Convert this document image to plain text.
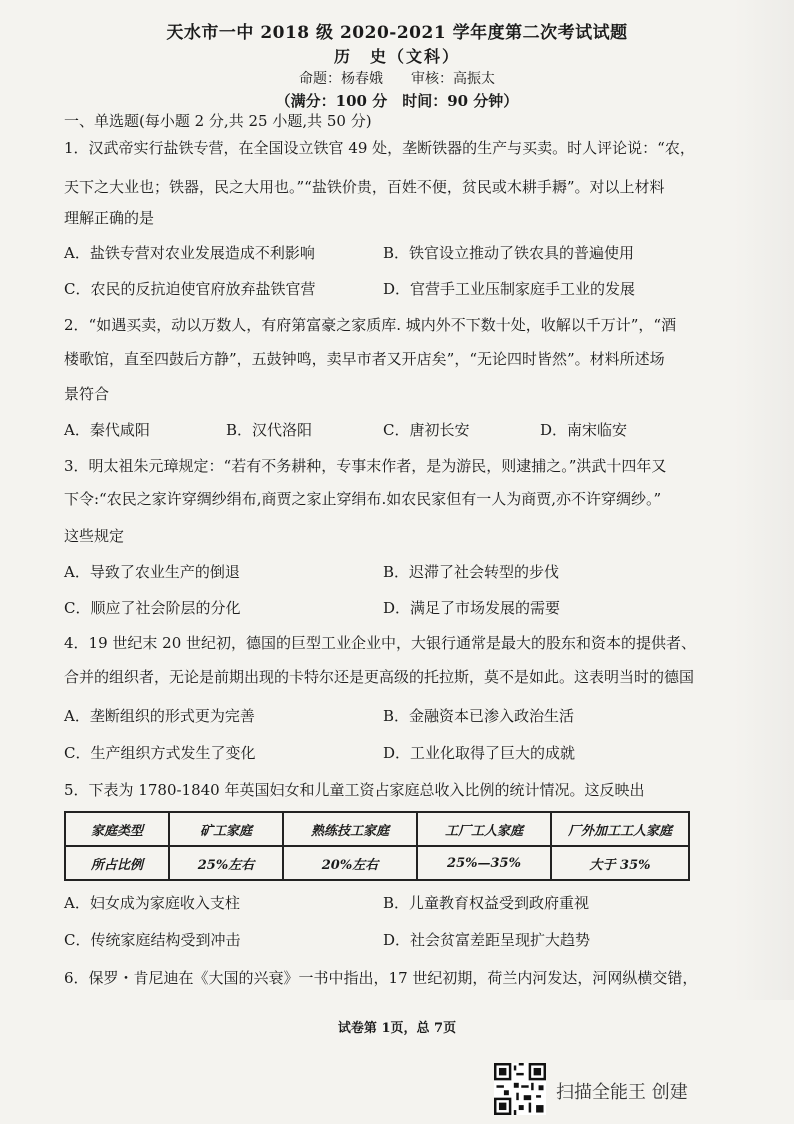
天水市一中 2018 级 2020-2021 学年度第二次考试试题
历　史（文科）
命题：杨春娥　　审核：高振太
（满分：100 分　时间：90 分钟）
一、单选题(每小题 2 分,共 25 小题,共 50 分)
1．汉武帝实行盐铁专营，在全国设立铁官 49 处，垄断铁器的生产与买卖。时人评论说：“农，
天下之大业也；铁器，民之大用也。”“盐铁价贵，百姓不便，贫民或木耕手耨”。对以上材料
理解正确的是
A．盐铁专营对农业发展造成不利影响	B．铁官设立推动了铁农具的普遍使用
C．农民的反抗迫使官府放弃盐铁官营	D．官营手工业压制家庭手工业的发展
2．“如遇买卖，动以万数人，有府第富豪之家质库. 城内外不下数十处，收解以千万计”，“酒
楼歌馆，直至四鼓后方静”，五鼓钟鸣，卖早市者又开店矣”，“无论四时皆然”。材料所述场
景符合
A．秦代咸阳	B．汉代洛阳	C．唐初长安	D．南宋临安
3．明太祖朱元璋规定：“若有不务耕种，专事末作者，是为游民，则逮捕之。”洪武十四年又
下令:“农民之家许穿绸纱绢布,商贾之家止穿绢布.如农民家但有一人为商贾,亦不许穿绸纱。”
这些规定
A．导致了农业生产的倒退	B．迟滞了社会转型的步伐
C．顺应了社会阶层的分化	D．满足了市场发展的需要
4．19 世纪末 20 世纪初，德国的巨型工业企业中，大银行通常是最大的股东和资本的提供者、
合并的组织者，无论是前期出现的卡特尔还是更高级的托拉斯，莫不是如此。这表明当时的德国
A．垄断组织的形式更为完善	B．金融资本已渗入政治生活
C．生产组织方式发生了变化	D．工业化取得了巨大的成就
5．下表为 1780-1840 年英国妇女和儿童工资占家庭总收入比例的统计情况。这反映出
家庭类型	矿工家庭	熟练技工家庭	工厂工人家庭	厂外加工工人家庭
所占比例	25%左右	20%左右	25%—35%	大于 35%
A．妇女成为家庭收入支柱	B．儿童教育权益受到政府重视
C．传统家庭结构受到冲击	D．社会贫富差距呈现扩大趋势
6．保罗・肯尼迪在《大国的兴衰》一书中指出，17 世纪初期，荷兰内河发达，河网纵横交错，
试卷第 1页，总 7页
扫描全能王 创建
